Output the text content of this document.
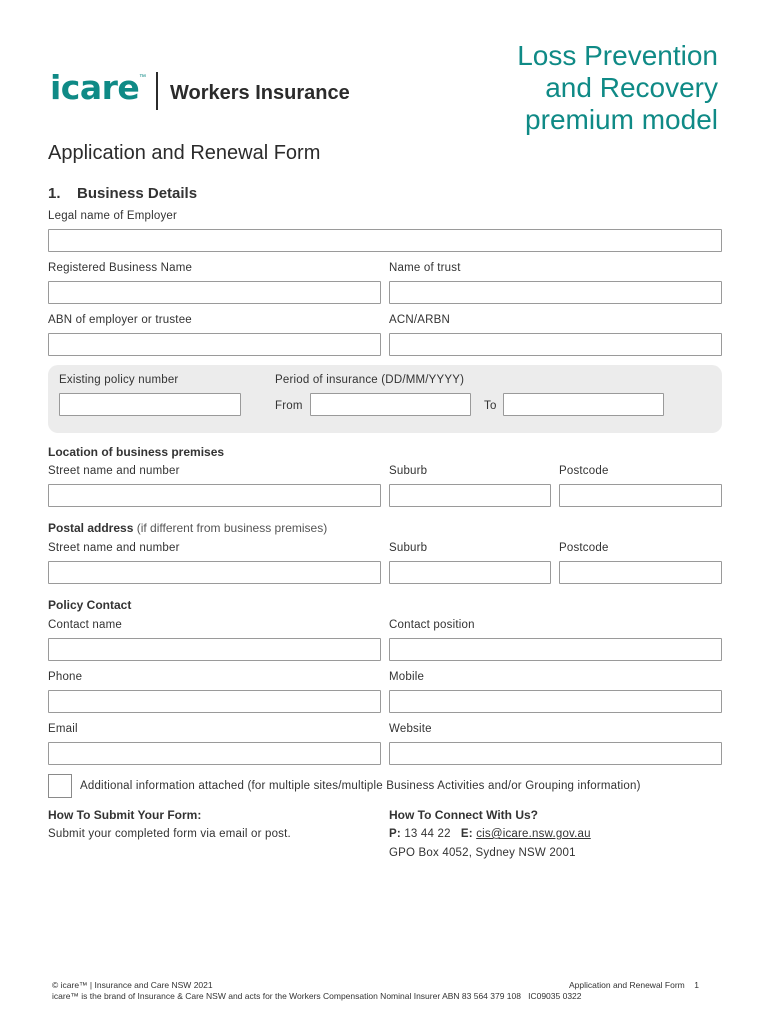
icare ™
Workers Insurance
Loss Prevention
and Recovery
premium model
Application and Renewal Form
1. Business Details
Legal name of Employer
Registered Business Name	Name of trust
ABN of employer or trustee	ACN/ARBN
Existing policy number	Period of insurance (DD/MM/YYYY)
From	To
Location of business premises
Street name and number	Suburb	Postcode
Postal address (if different from business premises)
Street name and number	Suburb	Postcode
Policy Contact
Contact name	Contact position
Phone	Mobile
Email	Website
Additional information attached (for multiple sites/multiple Business Activities and/or Grouping information)
How To Submit Your Form:
Submit your completed form via email or post.
How To Connect With Us?
P: 13 44 22 E: cis@icare.nsw.gov.au
GPO Box 4052, Sydney NSW 2001
© icare™ | Insurance and Care NSW 2021	Application and Renewal Form 1
icare™ is the brand of Insurance & Care NSW and acts for the Workers Compensation Nominal Insurer ABN 83 564 379 108 IC09035 0322
